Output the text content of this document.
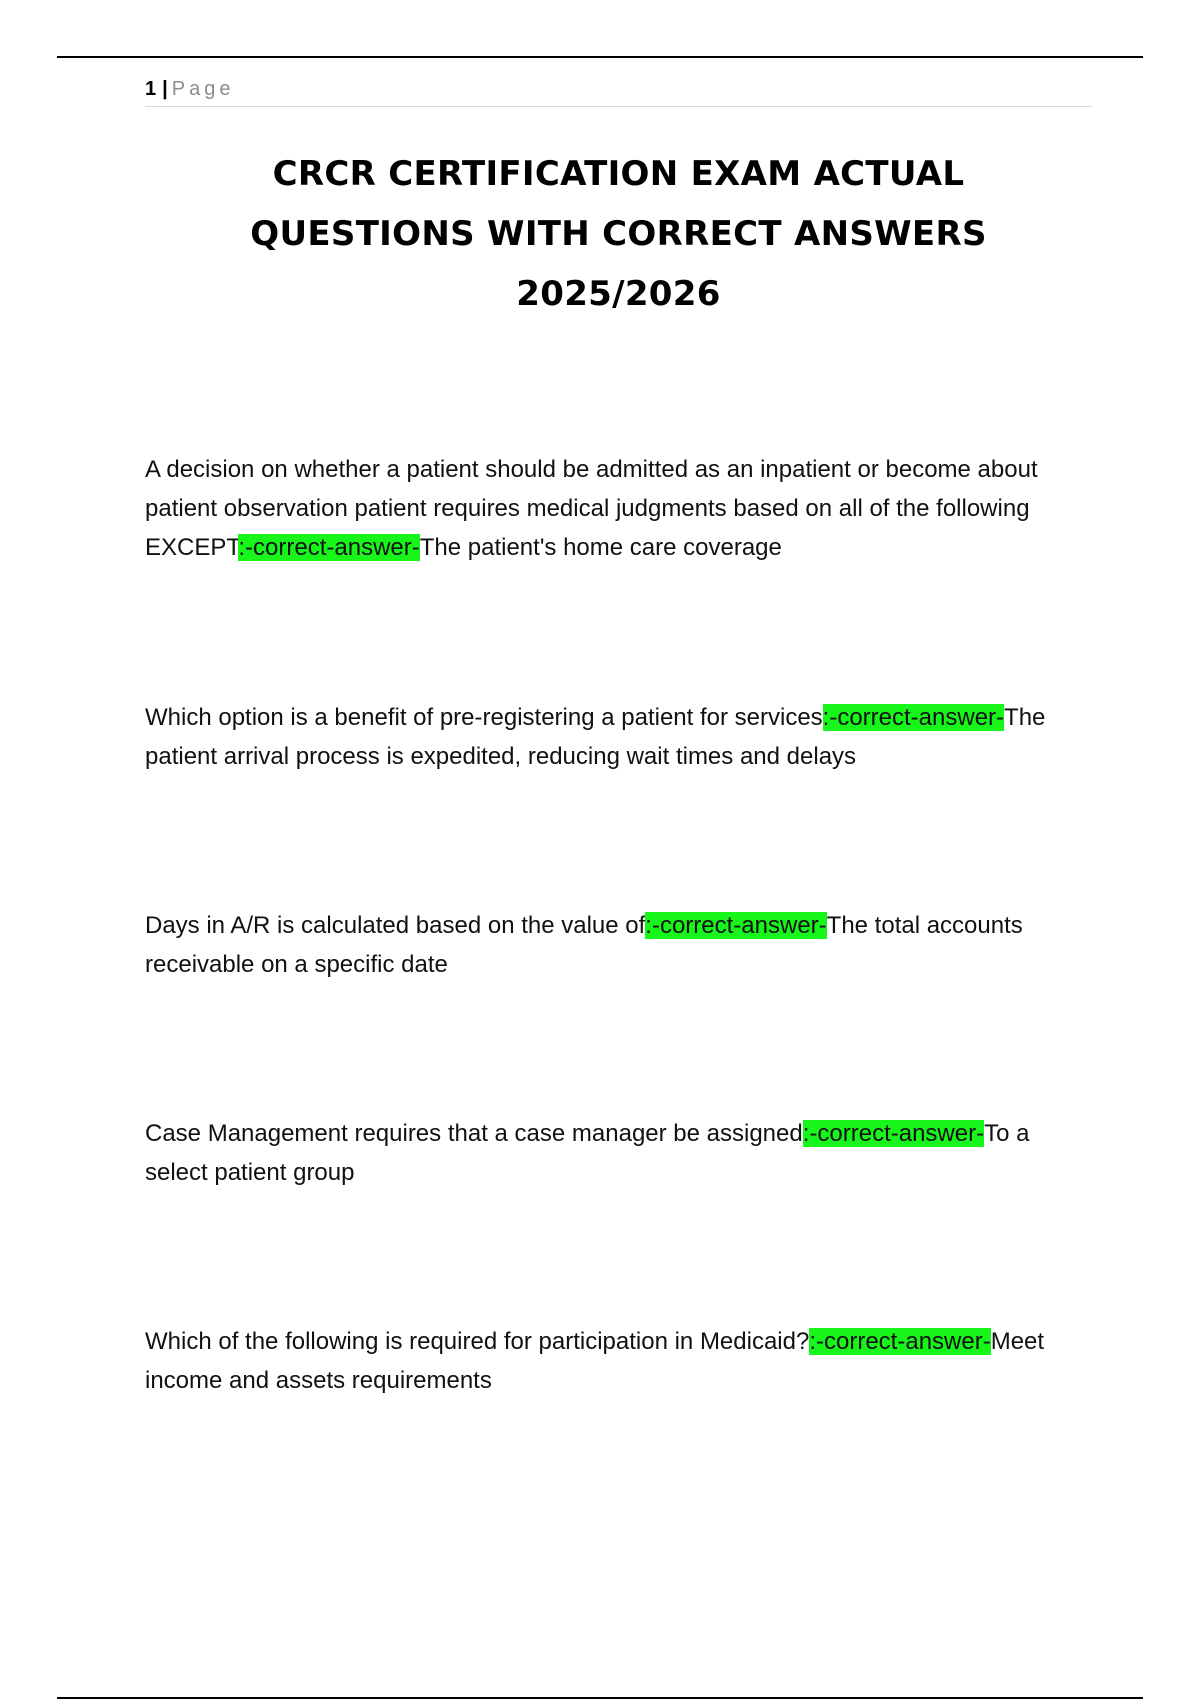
1 | Page
CRCR CERTIFICATION EXAM ACTUAL
QUESTIONS WITH CORRECT ANSWERS
2025/2026

A decision on whether a patient should be admitted as an inpatient or become about patient observation patient requires medical judgments based on all of the following EXCEPT:-correct-answer-The patient's home care coverage

Which option is a benefit of pre-registering a patient for services:-correct-answer-The patient arrival process is expedited, reducing wait times and delays

Days in A/R is calculated based on the value of:-correct-answer-The total accounts receivable on a specific date

Case Management requires that a case manager be assigned:-correct-answer-To a select patient group

Which of the following is required for participation in Medicaid?:-correct-answer-Meet income and assets requirements
